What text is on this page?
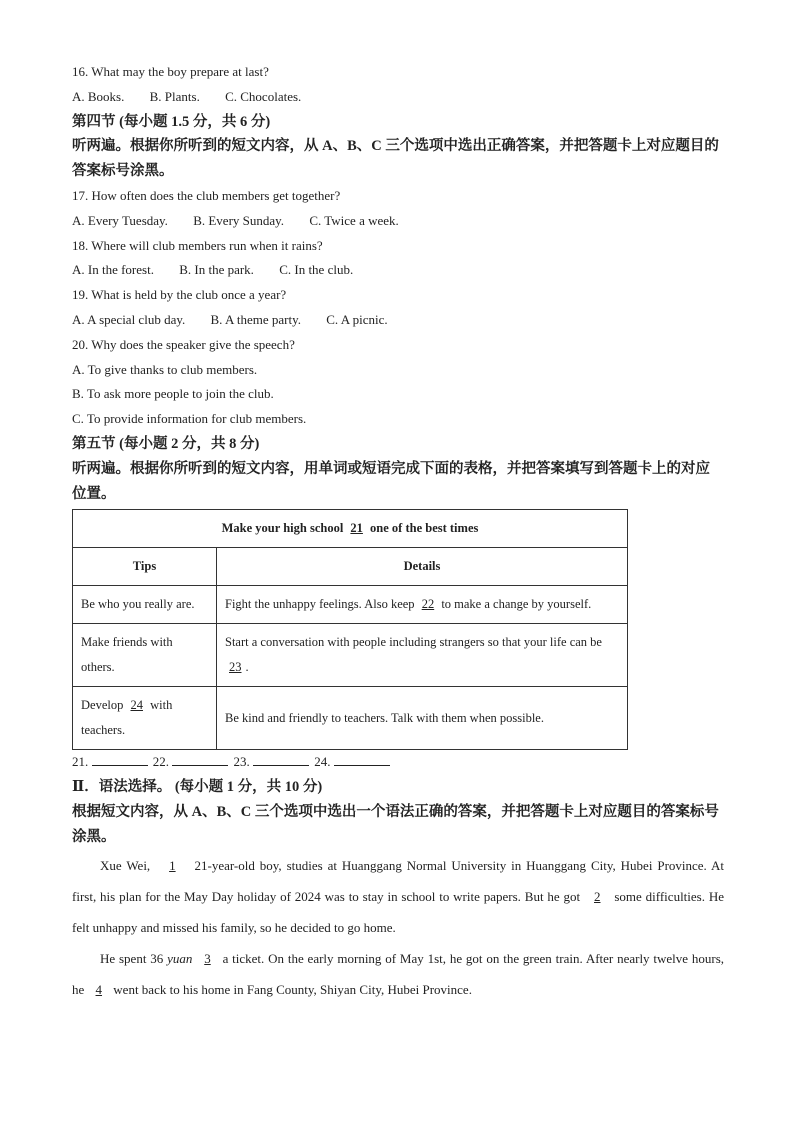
16. What may the boy prepare at last?
A. Books. B. Plants. C. Chocolates.
第四节 (每小题 1.5 分，共 6 分)
听两遍。根据你所听到的短文内容，从 A、B、C 三个选项中选出正确答案，并把答题卡上对应题目的答案标号涂黑。
17. How often does the club members get together?
A. Every Tuesday. B. Every Sunday. C. Twice a week.
18. Where will club members run when it rains?
A. In the forest. B. In the park. C. In the club.
19. What is held by the club once a year?
A. A special club day. B. A theme party. C. A picnic.
20. Why does the speaker give the speech?
A. To give thanks to club members.
B. To ask more people to join the club.
C. To provide information for club members.
第五节 (每小题 2 分，共 8 分)
听两遍。根据你所听到的短文内容，用单词或短语完成下面的表格，并把答案填写到答题卡上的对应位置。
Make your high school 21 one of the best times	
Tips	Details
Be who you really are.	Fight the unhappy feelings. Also keep 22 to make a change by yourself.
Make friends with others.	Start a conversation with people including strangers so that your life can be 23 .
Develop 24 with teachers.	Be kind and friendly to teachers. Talk with them when possible.
21.	22.	23.	24.
Ⅱ．语法选择。 (每小题 1 分，共 10 分)
根据短文内容，从 A、B、C 三个选项中选出一个语法正确的答案，并把答题卡上对应题目的答案标号涂黑。

Xue Wei, 1 21-year-old boy, studies at Huanggang Normal University in Huanggang City, Hubei Province. At first, his plan for the May Day holiday of 2024 was to stay in school to write papers. But he got 2 some difficulties. He felt unhappy and missed his family, so he decided to go home.

He spent 36 yuan 3 a ticket. On the early morning of May 1st, he got on the green train. After nearly twelve hours, he 4 went back to his home in Fang County, Shiyan City, Hubei Province.
